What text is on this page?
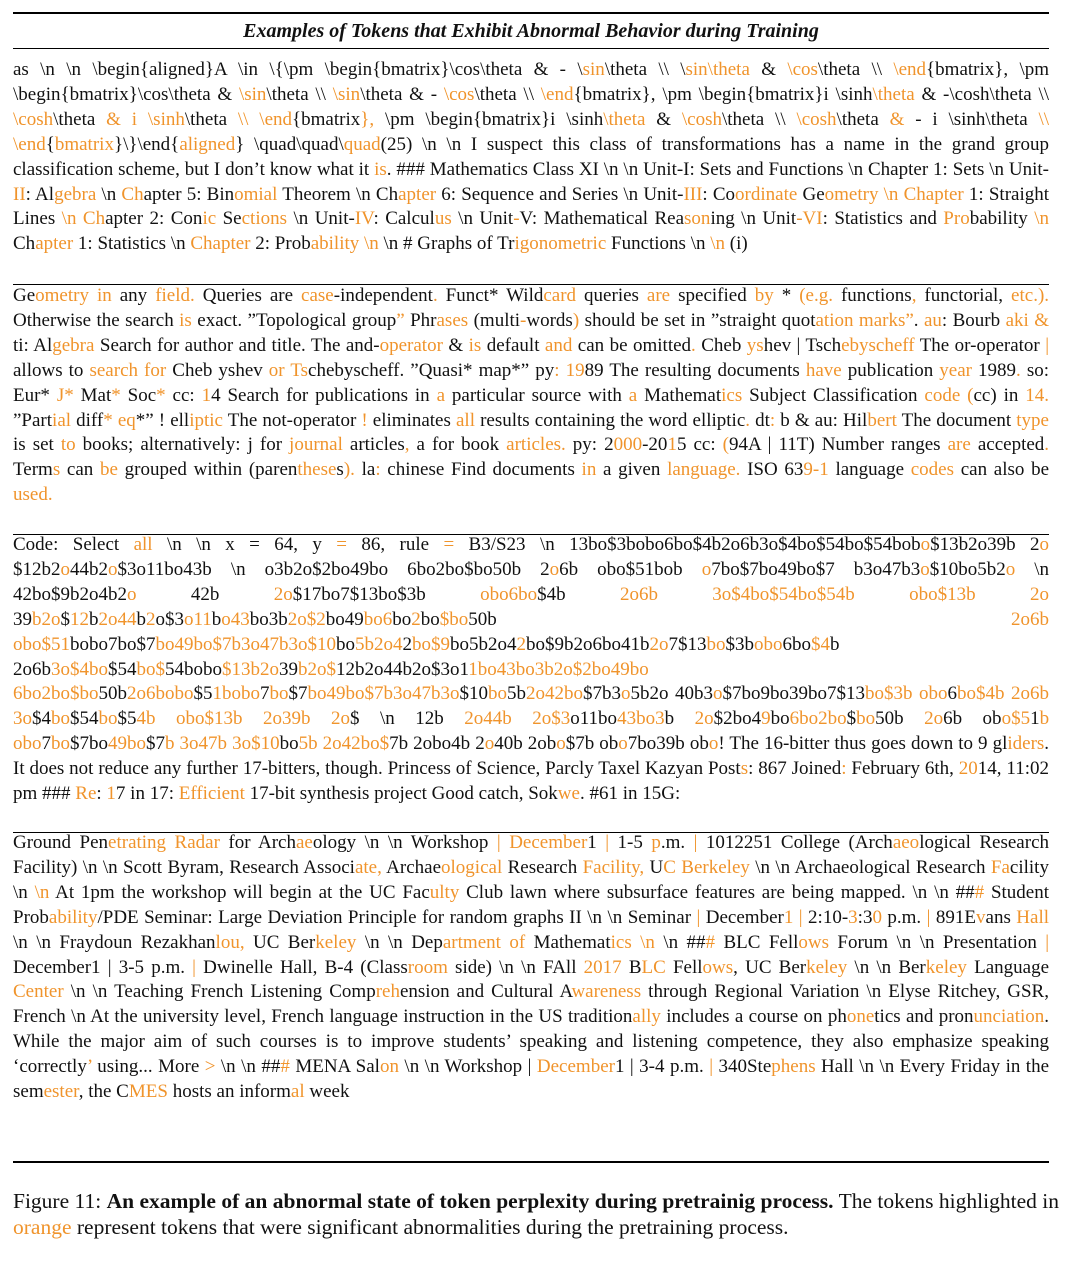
Examples of Tokens that Exhibit Abnormal Behavior during Training
as \n \n \begin{aligned}A \in \{\pm \begin{bmatrix}\cos\theta & - \sin\theta \\ \sin\theta & \cos\theta \\ \end{bmatrix}, \pm \begin{bmatrix}\cos\theta & \sin\theta \\ \sin\theta & - \cos\theta \\ \end{bmatrix}, \pm \begin{bmatrix}i \sinh\theta & -\cosh\theta \\ \cosh\theta & i \sinh\theta \\ \end{bmatrix}, \pm \begin{bmatrix}i \sinh\theta & \cosh\theta \\ \cosh\theta & - i \sinh\theta \\ \end{bmatrix}\}\end{aligned} \quad\quad\quad(25) \n \n I suspect this class of transformations has a name in the grand group classification scheme, but I don’t know what it is. ### Mathematics Class XI \n \n Unit-I: Sets and Functions \n Chapter 1: Sets \n Unit-II: Algebra \n Chapter 5: Binomial Theorem \n Chapter 6: Sequence and Series \n Unit-III: Coordinate Geometry \n Chapter 1: Straight Lines \n Chapter 2: Conic Sections \n Unit-IV: Calculus \n Unit-V: Mathematical Reasoning \n Unit-VI: Statistics and Probability \n Chapter 1: Statistics \n Chapter 2: Probability \n \n # Graphs of Trigonometric Functions \n \n (i)
Geometry in any field. Queries are case-independent. Funct* Wildcard queries are specified by * (e.g. functions, functorial, etc.). Otherwise the search is exact. ”Topological group” Phrases (multi-words) should be set in ”straight quotation marks”. au: Bourb aki & ti: Algebra Search for author and title. The and-operator & is default and can be omitted. Cheb yshev | Tschebyscheff The or-operator | allows to search for Cheb yshev or Tschebyscheff. ”Quasi* map*” py: 1989 The resulting documents have publication year 1989. so: Eur* J* Mat* Soc* cc: 14 Search for publications in a particular source with a Mathematics Subject Classification code (cc) in 14. ”Partial diff* eq*” ! elliptic The not-operator ! eliminates all results containing the word elliptic. dt: b & au: Hilbert The document type is set to books; alternatively: j for journal articles, a for book articles. py: 2000-2015 cc: (94A | 11T) Number ranges are accepted. Terms can be grouped within (parentheses). la: chinese Find documents in a given language. ISO 639-1 language codes can also be used.
Code: Select all \n \n x = 64, y = 86, rule = B3/S23 \n 13bo$3bobo6bo$4b2o6b3o$4bo$54bo$54bobo$13b2o39b 2o $12b2o44b2o$3o11bo43b \n o3b2o$2bo49bo 6bo2bo$bo50b 2o6b obo$51bob o7bo$7bo49bo$7 b3o47b3o$10bo5b2o \n 42bo$9b2o4b2o 42b 2o$17bo7$13bo$3b obo6bo$4b 2o6b 3o$4bo$54bo$54b	obo$13b	2o 39b2o$12b2o44b2o$3o11bo43bo3b2o$2bo49bo6bo2bo$bo50b 2o6b obo$51bobo7bo$7bo49bo$7b3o47b3o$10bo5b2o42bo$9bo5b2o42bo$9b2o6bo41b2o7$13bo$3bobo6bo$4b 2o6b3o$4bo$54bo$54bobo$13b2o39b2o$12b2o44b2o$3o11bo43bo3b2o$2bo49bo 6bo2bo$bo50b2o6bobo$51bobo7bo$7bo49bo$7b3o47b3o$10bo5b2o42bo$7b3o5b2o 40b3o$7bo9bo39bo7$13bo$3b obo6bo$4b 2o6b 3o$4bo$54bo$54b obo$13b 2o39b 2o$ \n 12b 2o44b 2o$3o11bo43bo3b 2o$2bo49bo6bo2bo$bo50b 2o6b obo$51b obo7bo$7bo49bo$7b 3o47b 3o$10bo5b 2o42bo$7b 2obo4b 2o40b 2obo$7b obo7bo39b obo! The 16-bitter thus goes down to 9 gliders. It does not reduce any further 17-bitters, though. Princess of Science, Parcly Taxel Kazyan Posts: 867 Joined: February 6th, 2014, 11:02 pm ### Re: 17 in 17: Efficient 17-bit synthesis project Good catch, Sokwe. #61 in 15G:
Ground Penetrating Radar for Archaeology \n \n Workshop | December1 | 1-5 p.m. | 1012251 College (Archaeological Research Facility) \n \n Scott Byram, Research Associate, Archaeological Research Facility, UC Berkeley \n \n Archaeological Research Facility \n \n At 1pm the workshop will begin at the UC Faculty Club lawn where subsurface features are being mapped. \n \n ### Student Probability/PDE Seminar: Large Deviation Principle for random graphs II \n \n Seminar | December1 | 2:10-3:30 p.m. | 891Evans Hall \n \n Fraydoun Rezakhanlou, UC Berkeley \n \n Department of Mathematics \n \n ### BLC Fellows Forum \n \n Presentation | December1 | 3-5 p.m. | Dwinelle Hall, B-4 (Classroom side) \n \n FAll 2017 BLC Fellows, UC Berkeley \n \n Berkeley Language Center \n \n Teaching French Listening Comprehension and Cultural Awareness through Regional Variation \n Elyse Ritchey, GSR, French \n At the university level, French language instruction in the US traditionally includes a course on phonetics and pronunciation. While the major aim of such courses is to improve students’ speaking and listening competence, they also emphasize speaking ‘correctly’ using... More > \n \n ### MENA Salon \n \n Workshop | December1 | 3-4 p.m. | 340Stephens Hall \n \n Every Friday in the semester, the CMES hosts an informal week
Figure 11: An example of an abnormal state of token perplexity during pretrainig process. The tokens highlighted in orange represent tokens that were significant abnormalities during the pretraining process.
